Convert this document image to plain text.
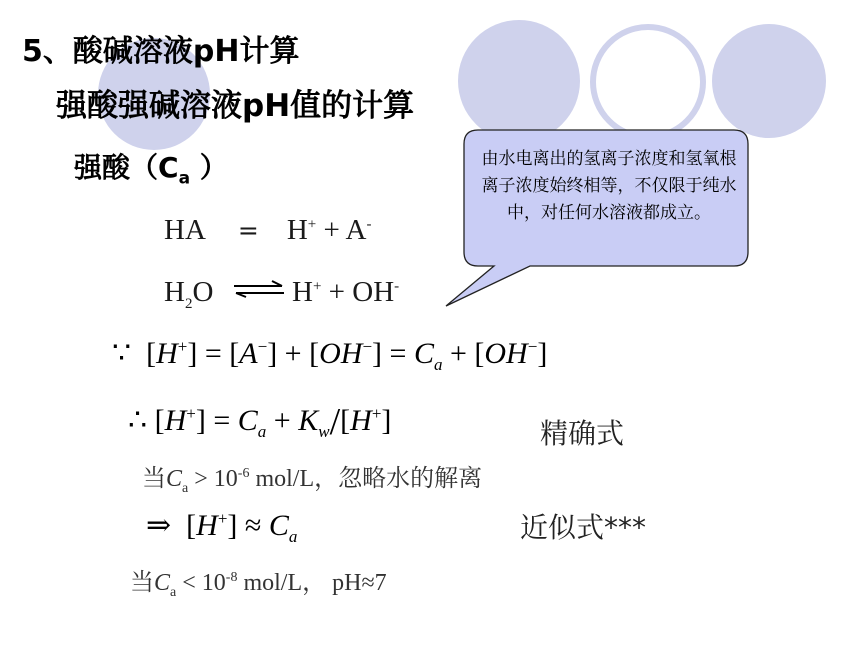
5、酸碱溶液pH计算
强酸强碱溶液pH值的计算
强酸（$C_a$ ）	由水电离出的氢离子浓度和氢氧根离子浓度始终相等，不仅限于纯水中，对任何水溶液都成立。
HA = H+ + A-
$H_2O$ ⇌ H+ + OH-
∵  $[H^+] = [A^-] + [OH^-] = C_a + [OH^-]$
∴ $[H^+] = C_a + K_w/[H^+]$	精确式
当$C_a > 10^{-6}$ mol/L，忽略水的解离
⇒  $[H^+] \approx C_a$	近似式***
当$C_a < 10^{-8}$ mol/L， pH≈7
